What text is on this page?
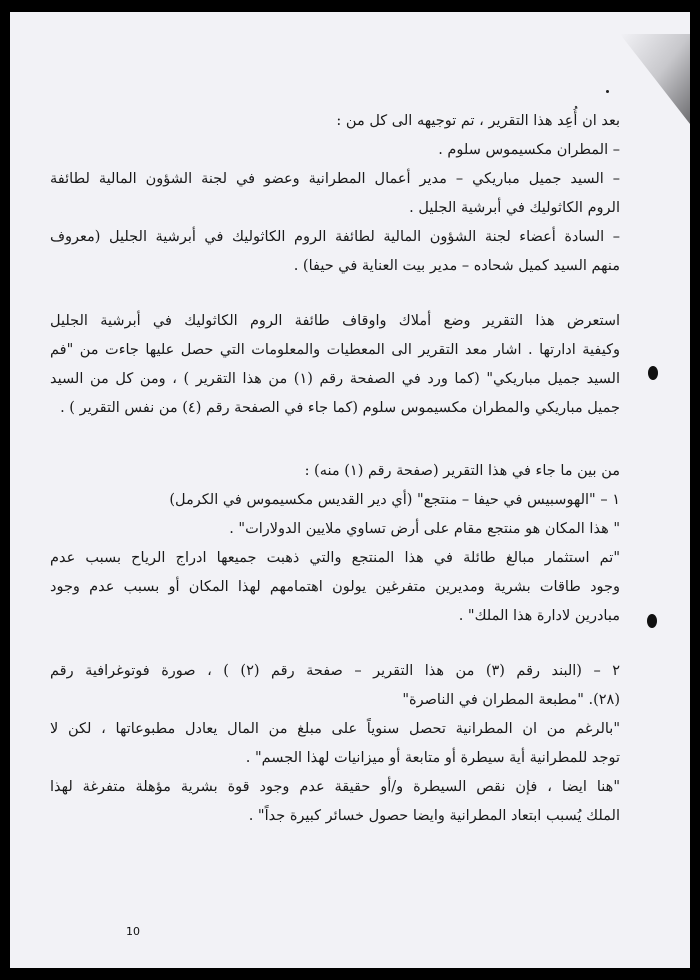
بعد ان أُعِد هذا التقرير ، تم توجيهه الى كل من :
– المطران مكسيموس سلوم .
– السيد جميل مباريكي – مدير أعمال المطرانية وعضو في لجنة الشؤون المالية لطائفة
الروم الكاثوليك في أبرشية الجليل .
– السادة أعضاء لجنة الشؤون المالية لطائفة الروم الكاثوليك في أبرشية الجليل (معروف
منهم السيد كميل شحاده – مدير بيت العناية في حيفا) .
استعرض هذا التقرير وضع أملاك واوقاف طائفة الروم الكاثوليك في أبرشية الجليل
وكيفية ادارتها . اشار معد التقرير الى المعطيات والمعلومات التي حصل عليها جاءت من "فم
السيد جميل مباريكي" (كما ورد في الصفحة رقم (١) من هذا التقرير ) ، ومن كل من السيد
جميل مباريكي والمطران مكسيموس سلوم (كما جاء في الصفحة رقم (٤) من نفس التقرير ) .
من بين ما جاء في هذا التقرير (صفحة رقم (١) منه) :
١ – "الهوسبيس في حيفا – منتجع" (أي دير القديس مكسيموس في الكرمل)
" هذا المكان هو منتجع مقام على أرض تساوي ملايين الدولارات" .
"تم استثمار مبالغ طائلة في هذا المنتجع والتي ذهبت جميعها ادراج الرياح بسبب عدم
وجود طاقات بشرية ومديرين متفرغين يولون اهتمامهم لهذا المكان أو بسبب عدم وجود
مبادرين لادارة هذا الملك" .
٢ – (البند رقم (٣) من هذا التقرير – صفحة رقم (٢) ) ، صورة فوتوغرافية رقم
(٢٨). "مطبعة المطران في الناصرة"
"بالرغم من ان المطرانية تحصل سنوياً على مبلغ من المال يعادل مطبوعاتها ، لكن لا
توجد للمطرانية أية سيطرة أو متابعة أو ميزانيات لهذا الجسم" .
"هنا ايضا ، فإن نقص السيطرة و/أو حقيقة عدم وجود قوة بشرية مؤهلة متفرغة لهذا
الملك يُسبب ابتعاد المطرانية وايضا حصول خسائر كبيرة جداً" .
10
